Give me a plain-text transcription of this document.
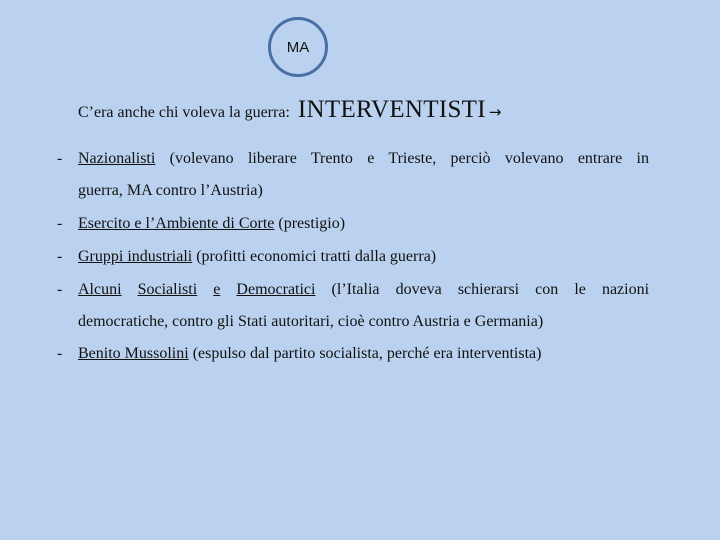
MA
C’era anche chi voleva la guerra: INTERVENTISTI →
- Nazionalisti (volevano liberare Trento e Trieste, perciò volevano entrare in
guerra, MA contro l’Austria)
- Esercito e l’Ambiente di Corte (prestigio)
- Gruppi industriali (profitti economici tratti dalla guerra)
- Alcuni Socialisti e Democratici (l’Italia doveva schierarsi con le nazioni
democratiche, contro gli Stati autoritari, cioè contro Austria e Germania)
- Benito Mussolini (espulso dal partito socialista, perché era interventista)
